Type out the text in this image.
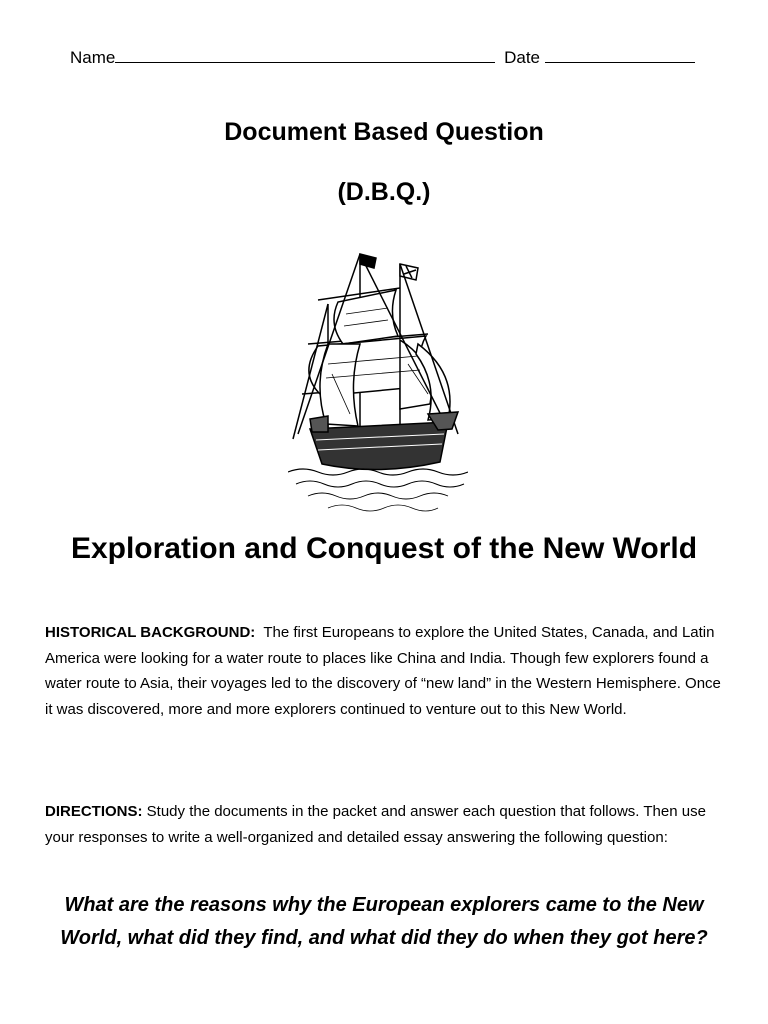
Name	Date
Document Based Question
(D.B.Q.)
Exploration and Conquest of the New World
HISTORICAL BACKGROUND: The first Europeans to explore the United States, Canada, and Latin America were looking for a water route to places like China and India. Though few explorers found a water route to Asia, their voyages led to the discovery of “new land” in the Western Hemisphere. Once it was discovered, more and more explorers continued to venture out to this New World.
DIRECTIONS: Study the documents in the packet and answer each question that follows. Then use your responses to write a well-organized and detailed essay answering the following question:
What are the reasons why the European explorers came to the New World, what did they find, and what did they do when they got here?
